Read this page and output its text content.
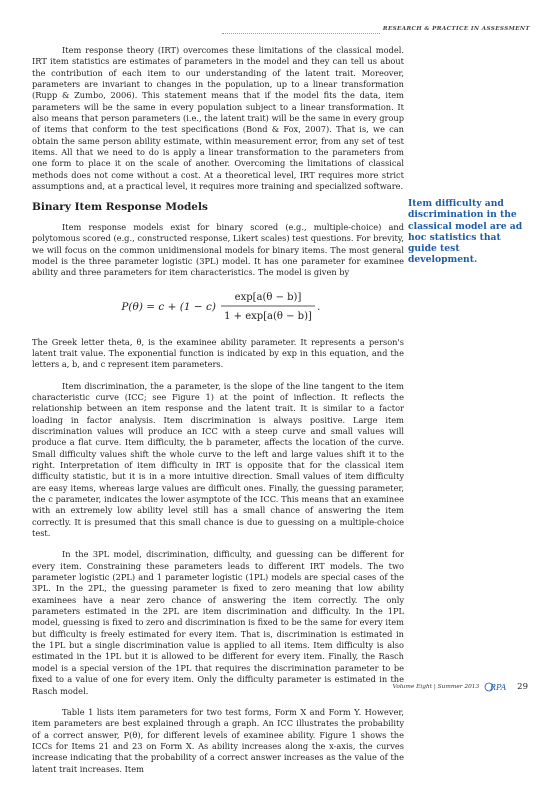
RESEARCH & PRACTICE IN ASSESSMENT

Item response theory (IRT) overcomes these limitations of the classical model. IRT item statistics are estimates of parameters in the model and they can tell us about the contribution of each item to our understanding of the latent trait. Moreover, parameters are invariant to changes in the population, up to a linear transformation (Rupp & Zumbo, 2006). This statement means that if the model fits the data, item parameters will be the same in every population subject to a linear transformation. It also means that person parameters (i.e., the latent trait) will be the same in every group of items that conform to the test specifications (Bond & Fox, 2007). That is, we can obtain the same person ability estimate, within measurement error, from any set of test items. All that we need to do is apply a linear transformation to the parameters from one form to place it on the scale of another. Overcoming the limitations of classical methods does not come without a cost. At a theoretical level, IRT requires more strict assumptions and, at a practical level, it requires more training and specialized software.

Binary Item Response Models

Item response models exist for binary scored (e.g., multiple-choice) and polytomous scored (e.g., constructed response, Likert scales) test questions. For brevity, we will focus on the common unidimensional models for binary items. The most general model is the three parameter logistic (3PL) model. It has one parameter for examinee ability and three parameters for item characteristics. The model is given by

P(θ) = c + (1 − c)
exp[a(θ − b)]
1 + exp[a(θ − b)]
.

The Greek letter theta, θ, is the examinee ability parameter. It represents a person's latent trait value. The exponential function is indicated by exp in this equation, and the letters a, b, and c represent item parameters.

Item discrimination, the a parameter, is the slope of the line tangent to the item characteristic curve (ICC; see Figure 1) at the point of inflection. It reflects the relationship between an item response and the latent trait. It is similar to a factor loading in factor analysis. Item discrimination is always positive. Large item discrimination values will produce an ICC with a steep curve and small values will produce a flat curve. Item difficulty, the b parameter, affects the location of the curve. Small difficulty values shift the whole curve to the left and large values shift it to the right. Interpretation of item difficulty in IRT is opposite that for the classical item difficulty statistic, but it is in a more intuitive direction. Small values of item difficulty are easy items, whereas large values are difficult ones. Finally, the guessing parameter, the c parameter, indicates the lower asymptote of the ICC. This means that an examinee with an extremely low ability level still has a small chance of answering the item correctly. It is presumed that this small chance is due to guessing on a multiple-choice test.

In the 3PL model, discrimination, difficulty, and guessing can be different for every item. Constraining these parameters leads to different IRT models. The two parameter logistic (2PL) and 1 parameter logistic (1PL) models are special cases of the 3PL. In the 2PL, the guessing parameter is fixed to zero meaning that low ability examinees have a near zero chance of answering the item correctly. The only parameters estimated in the 2PL are item discrimination and difficulty. In the 1PL model, guessing is fixed to zero and discrimination is fixed to be the same for every item but difficulty is freely estimated for every item. That is, discrimination is estimated in the 1PL but a single discrimination value is applied to all items. Item difficulty is also estimated in the 1PL but it is allowed to be different for every item. Finally, the Rasch model is a special version of the 1PL that requires the discrimination parameter to be fixed to a value of one for every item. Only the difficulty parameter is estimated in the Rasch model.

Table 1 lists item parameters for two test forms, Form X and Form Y. However, item parameters are best explained through a graph. An ICC illustrates the probability of a correct answer, P(θ), for different levels of examinee ability. Figure 1 shows the ICCs for Items 21 and 23 on Form X. As ability increases along the x-axis, the curves increase indicating that the probability of a correct answer increases as the value of the latent trait increases. Item

Item difficulty and discrimination in the classical model are ad hoc statistics that guide test development.
Volume Eight | Summer 2013 RPA 29
